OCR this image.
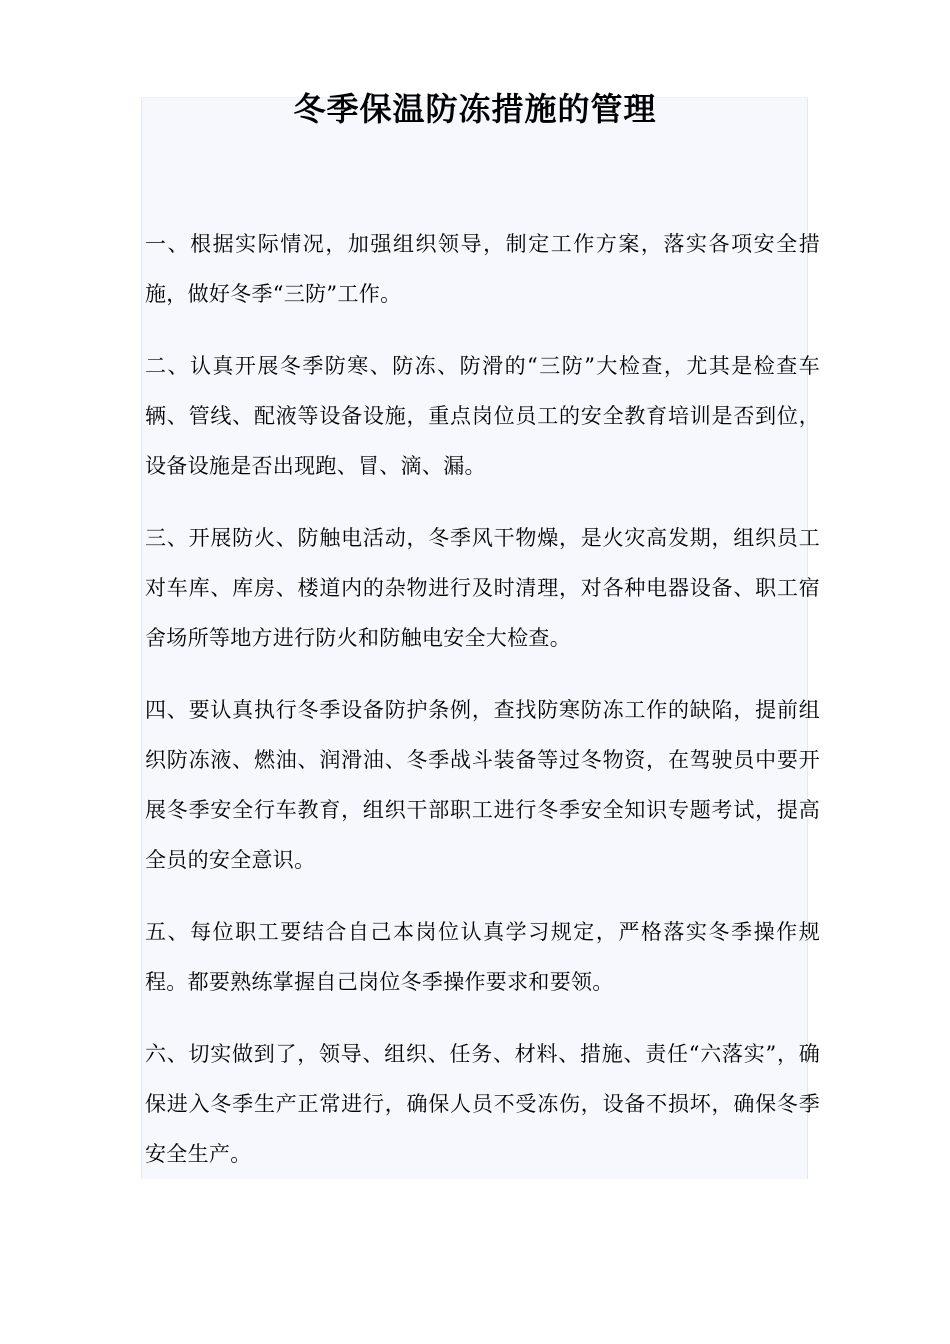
冬季保温防冻措施的管理

一、根据实际情况，加强组织领导，制定工作方案，落实各项安全措施，做好冬季“三防”工作。

二、认真开展冬季防寒、防冻、防滑的“三防”大检查，尤其是检查车辆、管线、配液等设备设施，重点岗位员工的安全教育培训是否到位，设备设施是否出现跑、冒、滴、漏。

三、开展防火、防触电活动，冬季风干物燥，是火灾高发期，组织员工对车库、库房、楼道内的杂物进行及时清理，对各种电器设备、职工宿舍场所等地方进行防火和防触电安全大检查。

四、要认真执行冬季设备防护条例，查找防寒防冻工作的缺陷，提前组织防冻液、燃油、润滑油、冬季战斗装备等过冬物资，在驾驶员中要开展冬季安全行车教育，组织干部职工进行冬季安全知识专题考试，提高全员的安全意识。

五、每位职工要结合自己本岗位认真学习规定，严格落实冬季操作规程。都要熟练掌握自己岗位冬季操作要求和要领。

六、切实做到了，领导、组织、任务、材料、措施、责任“六落实”，确保进入冬季生产正常进行，确保人员不受冻伤，设备不损坏，确保冬季安全生产。
